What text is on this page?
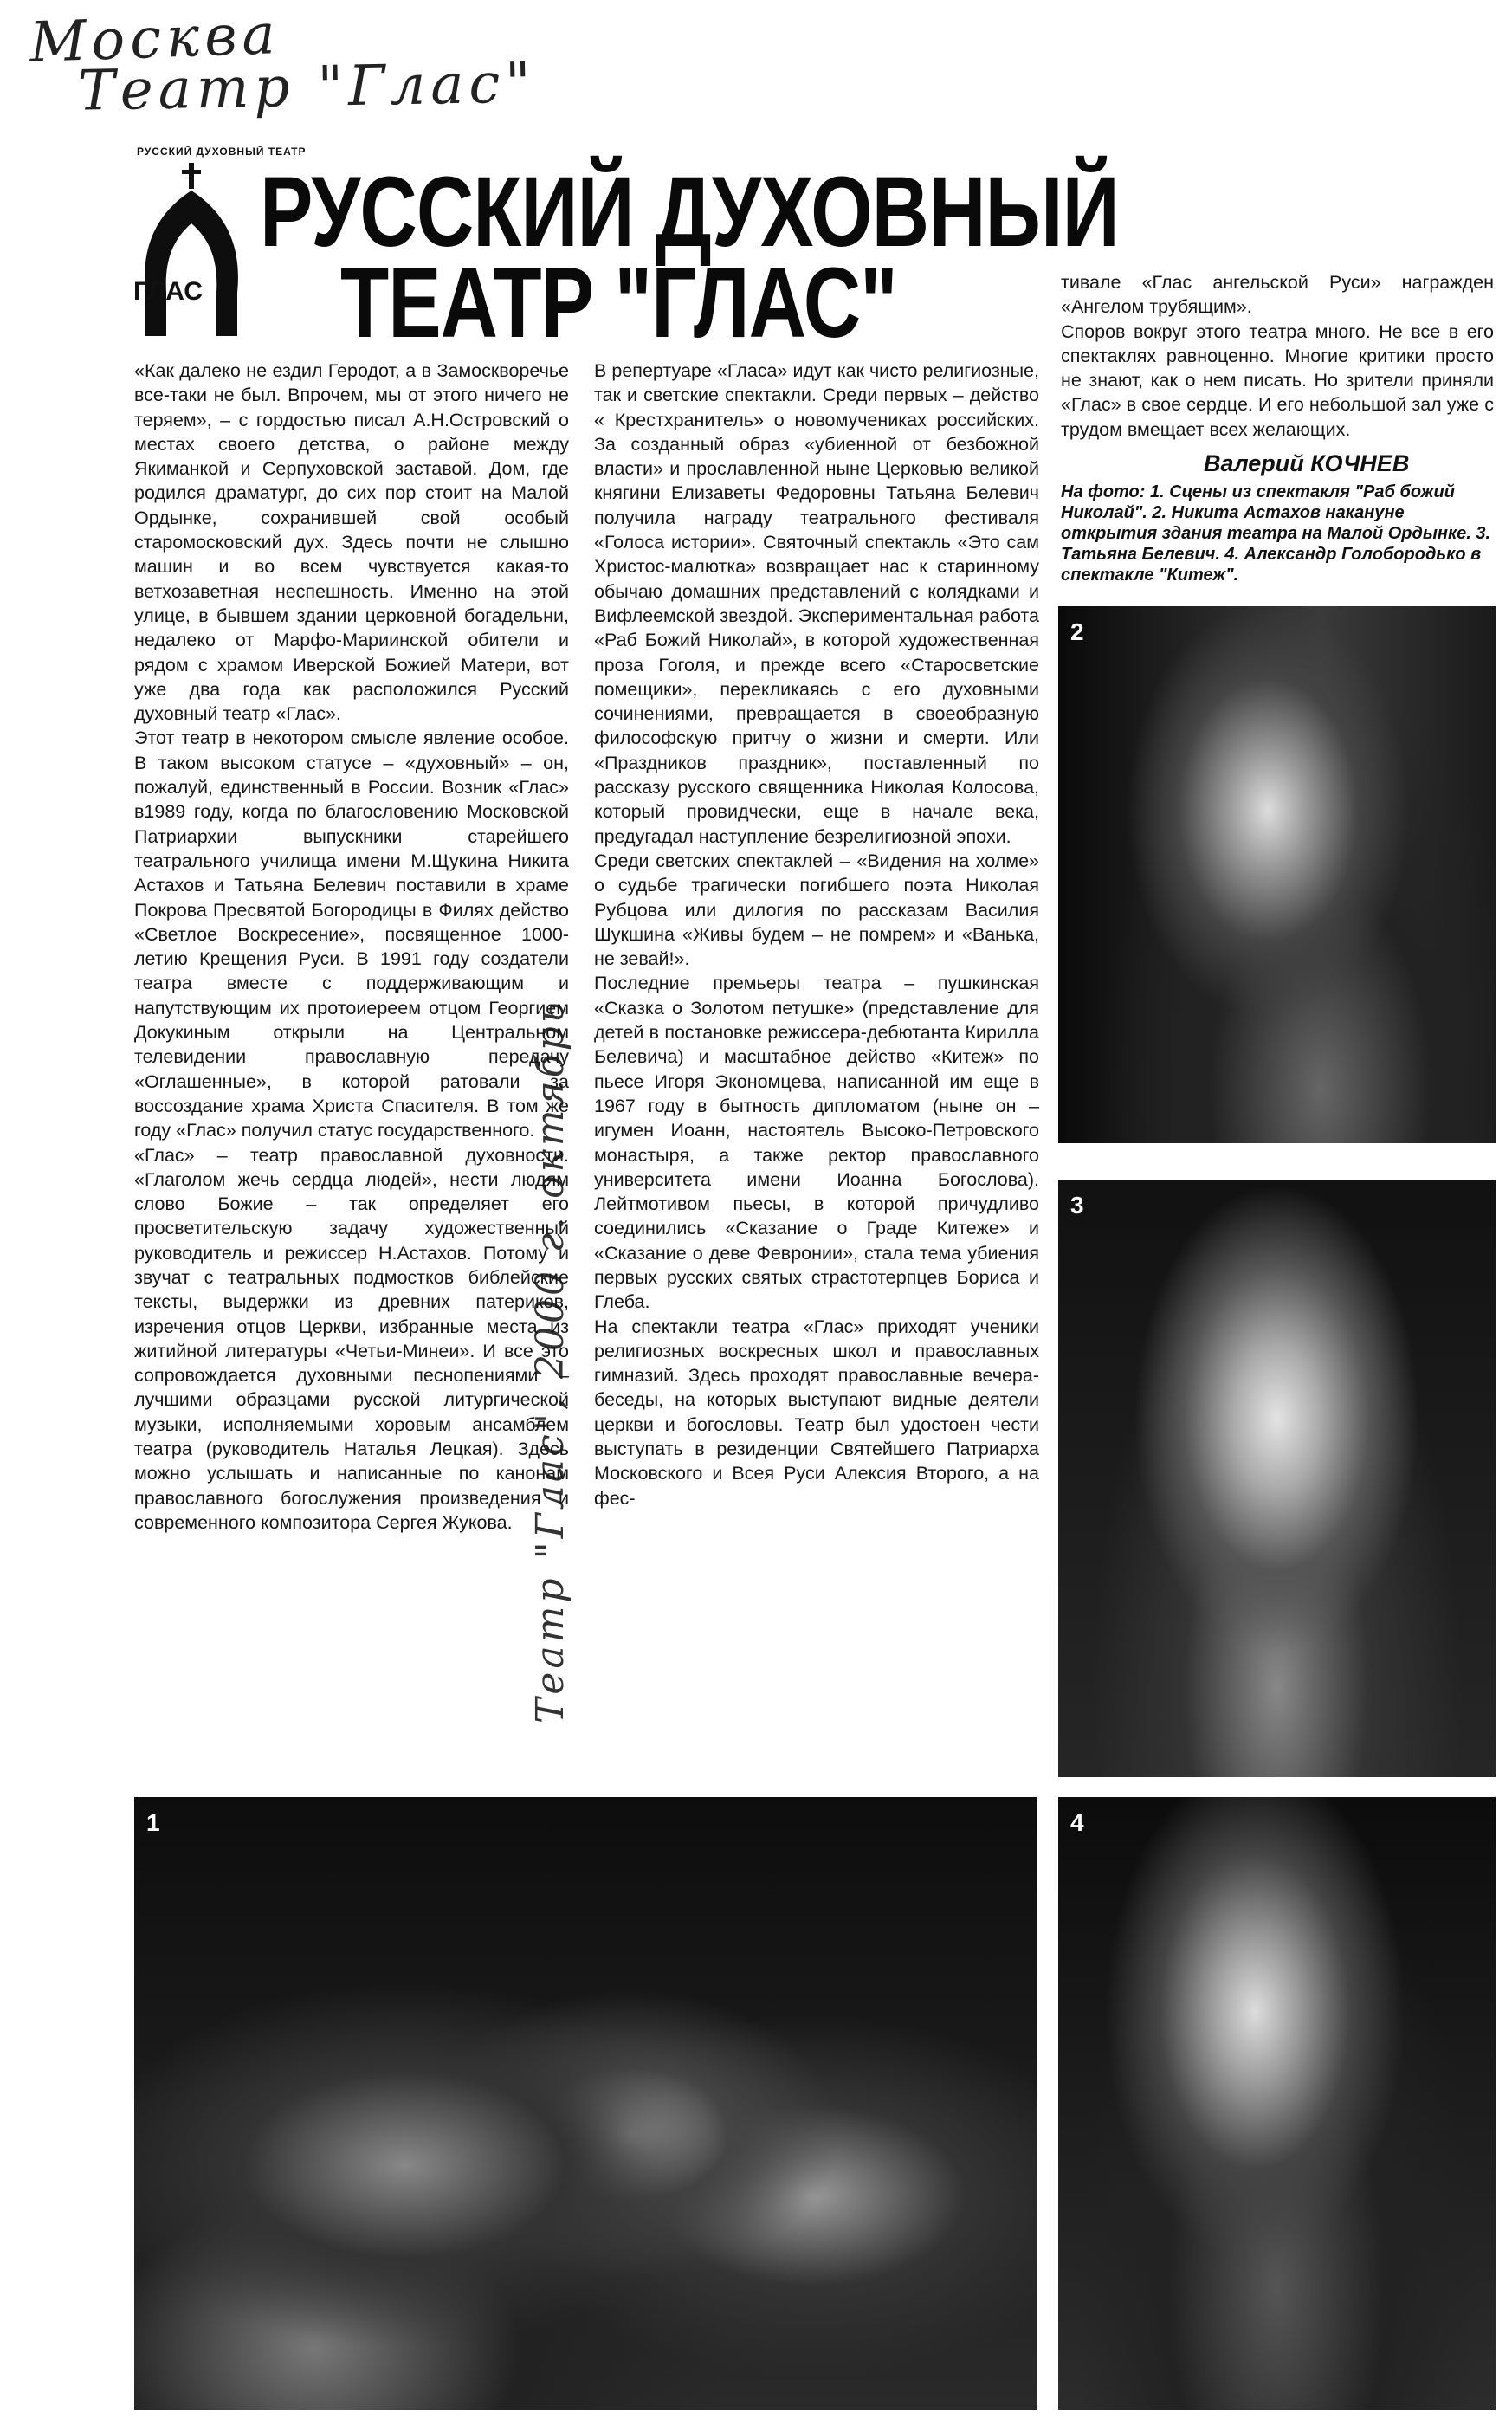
Москва
Театр "Глас"
Театр "Глас", 2000 г. октябрь
РУССКИЙ ДУХОВНЫЙ ТЕАТР
ГЛАС
РУССКИЙ ДУХОВНЫЙ
ТЕАТР "ГЛАС"
«Как далеко не ездил Геродот, а в Замоскворечье все-таки не был. Впрочем, мы от этого ничего не теряем», – с гордостью писал А.Н.Островский о местах своего детства, о районе между Якиманкой и Серпуховской заставой. Дом, где родился драматург, до сих пор стоит на Малой Ордынке, сохранившей свой особый старомосковский дух. Здесь почти не слышно машин и во всем чувствуется какая-то ветхозаветная неспешность. Именно на этой улице, в бывшем здании церковной богадельни, недалеко от Марфо-Мариинской обители и рядом с храмом Иверской Божией Матери, вот уже два года как расположился Русский духовный театр «Глас».
Этот театр в некотором смысле явление особое. В таком высоком статусе – «духовный» – он, пожалуй, единственный в России. Возник «Глас» в1989 году, когда по благословению Московской Патриархии выпускники старейшего театрального училища имени М.Щукина Никита Астахов и Татьяна Белевич поставили в храме Покрова Пресвятой Богородицы в Филях действо «Светлое Воскресение», посвященное 1000-летию Крещения Руси. В 1991 году создатели театра вместе с поддерживающим и напутствующим их протоиереем отцом Георгием Докукиным открыли на Центральном телевидении православную передачу «Оглашенные», в которой ратовали за воссоздание храма Христа Спасителя. В том же году «Глас» получил статус государственного.
«Глас» – театр православной духовности. «Глаголом жечь сердца людей», нести людям слово Божие – так определяет его просветительскую задачу художественный руководитель и режиссер Н.Астахов. Потому и звучат с театральных подмостков библейские тексты, выдержки из древних патериков, изречения отцов Церкви, избранные места из житийной литературы «Четьи-Минеи». И все это сопровождается духовными песнопениями – лучшими образцами русской литургической музыки, исполняемыми хоровым ансамблем театра (руководитель Наталья Лецкая). Здесь можно услышать и написанные по канонам православного богослужения произведения и современного композитора Сергея Жукова.
В репертуаре «Гласа» идут как чисто религиозные, так и светские спектакли. Среди первых – действо « Крестхранитель» о новомучениках российских. За созданный образ «убиенной от безбожной власти» и прославленной ныне Церковью великой княгини Елизаветы Федоровны Татьяна Белевич получила награду театрального фестиваля «Голоса истории». Святочный спектакль «Это сам Христос-малютка» возвращает нас к старинному обычаю домашних представлений с колядками и Вифлеемской звездой. Экспериментальная работа «Раб Божий Николай», в которой художественная проза Гоголя, и прежде всего «Старосветские помещики», перекликаясь с его духовными сочинениями, превращается в своеобразную философскую притчу о жизни и смерти. Или «Праздников праздник», поставленный по рассказу русского священника Николая Колосова, который провидчески, еще в начале века, предугадал наступление безрелигиозной эпохи.
Среди светских спектаклей – «Видения на холме» о судьбе трагически погибшего поэта Николая Рубцова или дилогия по рассказам Василия Шукшина «Живы будем – не помрем» и «Ванька, не зевай!».
Последние премьеры театра – пушкинская «Сказка о Золотом петушке» (представление для детей в постановке режиссера-дебютанта Кирилла Белевича) и масштабное действо «Китеж» по пьесе Игоря Экономцева, написанной им еще в 1967 году в бытность дипломатом (ныне он – игумен Иоанн, настоятель Высоко-Петровского монастыря, а также ректор православного университета имени Иоанна Богослова). Лейтмотивом пьесы, в которой причудливо соединились «Сказание о Граде Китеже» и «Сказание о деве Февронии», стала тема убиения первых русских святых страстотерпцев Бориса и Глеба.
На спектакли театра «Глас» приходят ученики религиозных воскресных школ и православных гимназий. Здесь проходят православные вечера-беседы, на которых выступают видные деятели церкви и богословы. Театр был удостоен чести выступать в резиденции Святейшего Патриарха Московского и Всея Руси Алексия Второго, а на фес-
тивале «Глас ангельской Руси» награжден «Ангелом трубящим».
Споров вокруг этого театра много. Не все в его спектаклях равноценно. Многие критики просто не знают, как о нем писать. Но зрители приняли «Глас» в свое сердце. И его небольшой зал уже с трудом вмещает всех желающих.
Валерий КОЧНЕВ
На фото: 1. Сцены из спектакля "Раб божий Николай". 2. Никита Астахов накануне открытия здания театра на Малой Ордынке. 3. Татьяна Белевич. 4. Александр Голобородько в спектакле "Китеж".
2
3
1	4
